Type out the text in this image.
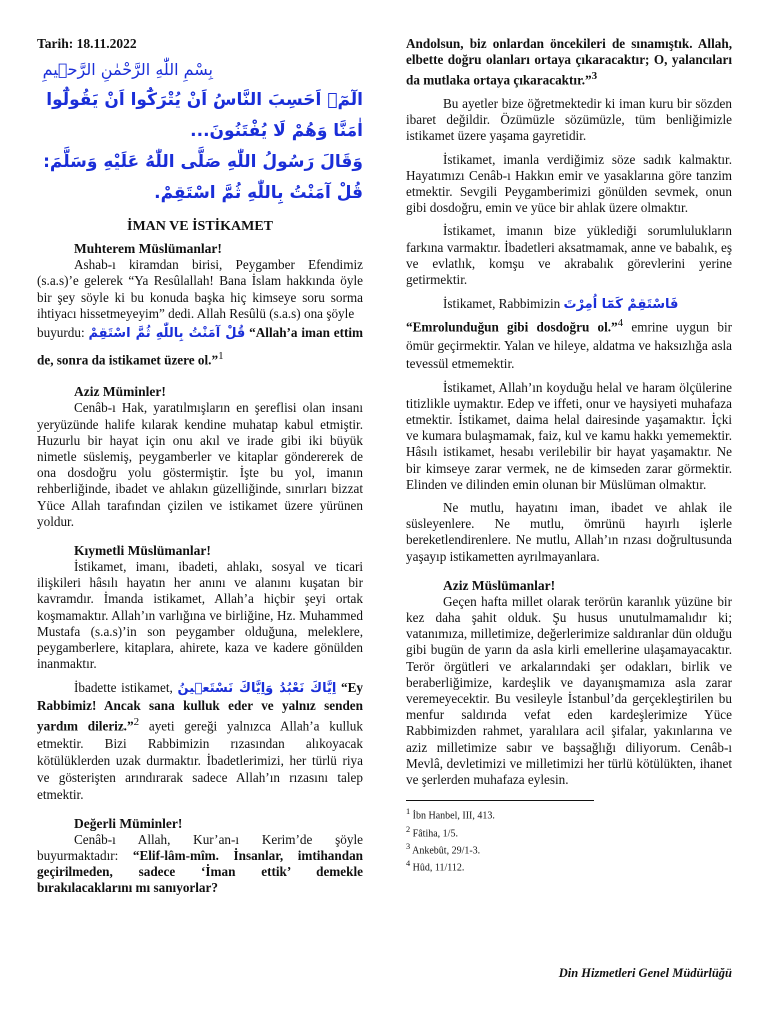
Tarih: 18.11.2022

بِسْمِ اللّٰهِ الرَّحْمٰنِ الرَّح۪يمِ
الٓمٓۚ اَحَسِبَ النَّاسُ اَنْ يُتْرَكُٓوا اَنْ يَقُولُٓوا اٰمَنَّا وَهُمْ لَا يُفْتَنُونَ...
وَقَالَ رَسُولُ اللّٰهِ صَلَّى اللّٰهُ عَلَيْهِ وَسَلَّمَ:
قُلْ آمَنْتُ بِاللّٰهِ ثُمَّ اسْتَقِمْ.
İMAN VE İSTİKAMET
Muhterem Müslümanlar!

Ashab-ı kiramdan birisi, Peygamber Efendimiz (s.a.s)’e gelerek “Ya Resûlallah! Bana İslam hakkında öyle bir şey söyle ki bu konuda başka hiç kimseye soru sorma ihtiyacı hissetmeyeyim” dedi. Allah Resûlü (s.a.s) ona şöyle

buyurdu: قُلْ آمَنْتُ بِاللّٰهِ ثُمَّ اسْتَقِمْ “Allah’a iman ettim de, sonra da istikamet üzere ol.”$^1$

Aziz Müminler!

Cenâb-ı Hak, yaratılmışların en şereflisi olan insanı yeryüzünde halife kılarak kendine muhatap kabul etmiştir. Huzurlu bir hayat için onu akıl ve irade gibi iki büyük nimetle süslemiş, peygamberler ve kitaplar göndererek de ona dosdoğru yolu göstermiştir. İşte bu yol, imanın rehberliğinde, ibadet ve ahlakın güzelliğinde, sınırları bizzat Yüce Allah tarafından çizilen ve istikamet üzere yürünen yoldur.

Kıymetli Müslümanlar!

İstikamet, imanı, ibadeti, ahlakı, sosyal ve ticari ilişkileri hâsılı hayatın her anını ve alanını kuşatan bir kavramdır. İmanda istikamet, Allah’a hiçbir şeyi ortak koşmamaktır. Allah’ın varlığına ve birliğine, Hz. Muhammed Mustafa (s.a.s)’in son peygamber olduğuna, meleklere, peygamberlere, kitaplara, ahirete, kaza ve kadere gönülden inanmaktır.

İbadette istikamet, اِيَّاكَ نَعْبُدُ وَاِيَّاكَ نَسْتَع۪ينُ “Ey Rabbimiz! Ancak sana kulluk eder ve yalnız senden yardım dileriz.”$^2$ ayeti gereği yalnızca Allah’a kulluk etmektir. Bizi Rabbimizin rızasından alıkoyacak kötülüklerden uzak durmaktır. İbadetlerimizi, her türlü riya ve gösterişten arındırarak sadece Allah’ın rızasını talep etmektir.

Değerli Müminler!

Cenâb-ı Allah, Kur’an-ı Kerim’de şöyle buyurmaktadır: “Elif-lâm-mîm. İnsanlar, imtihandan geçirilmeden, sadece ‘İman ettik’ demekle bırakılacaklarını mı sanıyorlar?

Andolsun, biz onlardan öncekileri de sınamıştık. Allah, elbette doğru olanları ortaya çıkaracaktır; O, yalancıları da mutlaka ortaya çıkaracaktır.”$^3$

Bu ayetler bize öğretmektedir ki iman kuru bir sözden ibaret değildir. Özümüzle sözümüzle, tüm benliğimizle istikamet üzere yaşama gayretidir.

İstikamet, imanla verdiğimiz söze sadık kalmaktır. Hayatımızı Cenâb-ı Hakkın emir ve yasaklarına göre tanzim etmektir. Sevgili Peygamberimizi gönülden sevmek, onun gibi dosdoğru, emin ve yüce bir ahlak üzere olmaktır.

İstikamet, imanın bize yüklediği sorumlulukların farkına varmaktır. İbadetleri aksatmamak, anne ve babalık, eş ve evlatlık, komşu ve akrabalık görevlerini yerine getirmektir.

İstikamet, Rabbimizin فَاسْتَقِمْ كَمَٓا اُمِرْتَ
“Emrolunduğun gibi dosdoğru ol.”$^4$ emrine uygun bir ömür geçirmektir. Yalan ve hileye, aldatma ve haksızlığa asla tevessül etmemektir.

İstikamet, Allah’ın koyduğu helal ve haram ölçülerine titizlikle uymaktır. Edep ve iffeti, onur ve haysiyeti muhafaza etmektir. İstikamet, daima helal dairesinde yaşamaktır. İçki ve kumara bulaşmamak, faiz, kul ve kamu hakkı yememektir. Hâsılı istikamet, hesabı verilebilir bir hayat yaşamaktır. Ne bir kimseye zarar vermek, ne de kimseden zarar görmektir. Elinden ve dilinden emin olunan bir Müslüman olmaktır.

Ne mutlu, hayatını iman, ibadet ve ahlak ile süsleyenlere. Ne mutlu, ömrünü hayırlı işlerle bereketlendirenlere. Ne mutlu, Allah’ın rızası doğrultusunda yaşayıp istikametten ayrılmayanlara.

Aziz Müslümanlar!

Geçen hafta millet olarak terörün karanlık yüzüne bir kez daha şahit olduk. Şu husus unutulmamalıdır ki; vatanımıza, milletimize, değerlerimize saldıranlar dün olduğu gibi bugün de yarın da asla kirli emellerine ulaşamayacaktır. Terör örgütleri ve arkalarındaki şer odakları, birlik ve beraberliğimize, kardeşlik ve dayanışmamıza asla zarar veremeyecektir. Bu vesileyle İstanbul’da gerçekleştirilen bu menfur saldırıda vefat eden kardeşlerimize Yüce Rabbimizden rahmet, yaralılara acil şifalar, yakınlarına ve aziz milletimize sabır ve başsağlığı diliyorum. Cenâb-ı Mevlâ, devletimizi ve milletimizi her türlü kötülükten, ihanet ve şerlerden muhafaza eylesin.

$^1$ İbn Hanbel, III, 413.
$^2$ Fâtiha, 1/5.
$^3$ Ankebût, 29/1-3.
$^4$ Hûd, 11/112.
Din Hizmetleri Genel Müdürlüğü
